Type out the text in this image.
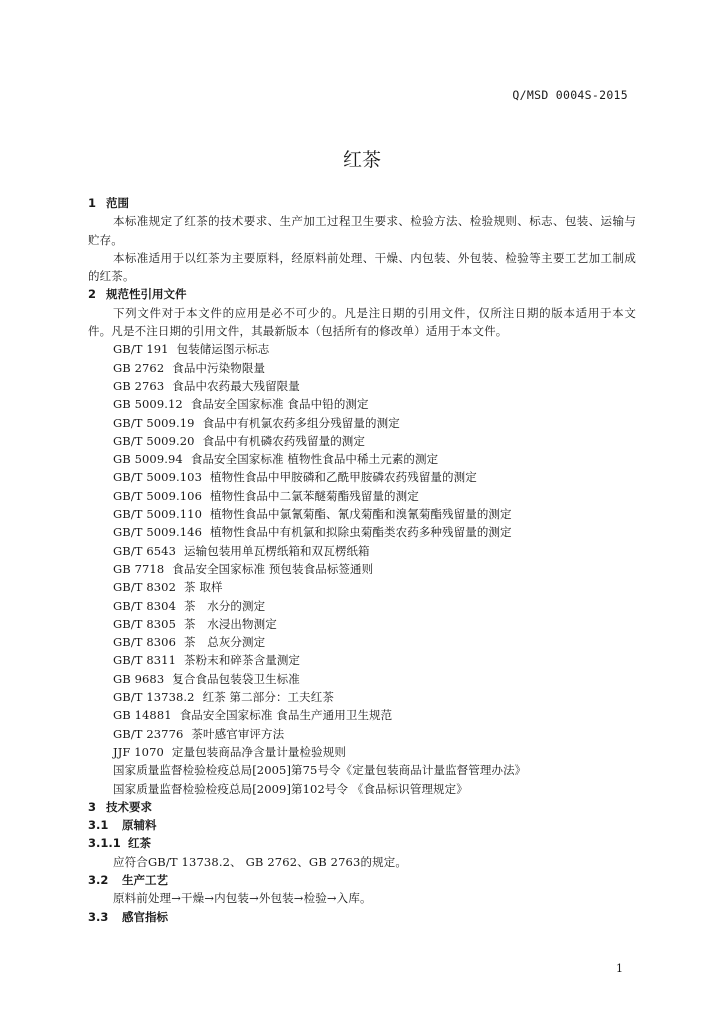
Q/MSD 0004S-2015
红茶
1 范围
本标准规定了红茶的技术要求、生产加工过程卫生要求、检验方法、检验规则、标志、包装、运输与贮存。
本标准适用于以红茶为主要原料，经原料前处理、干燥、内包装、外包装、检验等主要工艺加工制成的红茶。
2 规范性引用文件
下列文件对于本文件的应用是必不可少的。凡是注日期的引用文件，仅所注日期的版本适用于本文件。凡是不注日期的引用文件，其最新版本（包括所有的修改单）适用于本文件。
GB/T 191 包装储运图示标志
GB 2762 食品中污染物限量
GB 2763 食品中农药最大残留限量
GB 5009.12 食品安全国家标准 食品中铅的测定
GB/T 5009.19 食品中有机氯农药多组分残留量的测定
GB/T 5009.20 食品中有机磷农药残留量的测定
GB 5009.94 食品安全国家标准 植物性食品中稀土元素的测定
GB/T 5009.103 植物性食品中甲胺磷和乙酰甲胺磷农药残留量的测定
GB/T 5009.106 植物性食品中二氯苯醚菊酯残留量的测定
GB/T 5009.110 植物性食品中氯氰菊酯、氰戊菊酯和溴氰菊酯残留量的测定
GB/T 5009.146 植物性食品中有机氯和拟除虫菊酯类农药多种残留量的测定
GB/T 6543 运输包装用单瓦楞纸箱和双瓦楞纸箱
GB 7718 食品安全国家标准 预包装食品标签通则
GB/T 8302 茶 取样
GB/T 8304 茶　水分的测定
GB/T 8305 茶　水浸出物测定
GB/T 8306 茶　总灰分测定
GB/T 8311 茶粉末和碎茶含量测定
GB 9683 复合食品包装袋卫生标准
GB/T 13738.2 红茶 第二部分：工夫红茶
GB 14881 食品安全国家标准 食品生产通用卫生规范
GB/T 23776 茶叶感官审评方法
JJF 1070 定量包装商品净含量计量检验规则
国家质量监督检验检疫总局[2005]第75号令《定量包装商品计量监督管理办法》
国家质量监督检验检疫总局[2009]第102号令 《食品标识管理规定》
3 技术要求
3.1 原辅料
3.1.1 红茶
应符合GB/T 13738.2、 GB 2762、GB 2763的规定。
3.2 生产工艺
原料前处理→干燥→内包装→外包装→检验→入库。
3.3 感官指标
1
